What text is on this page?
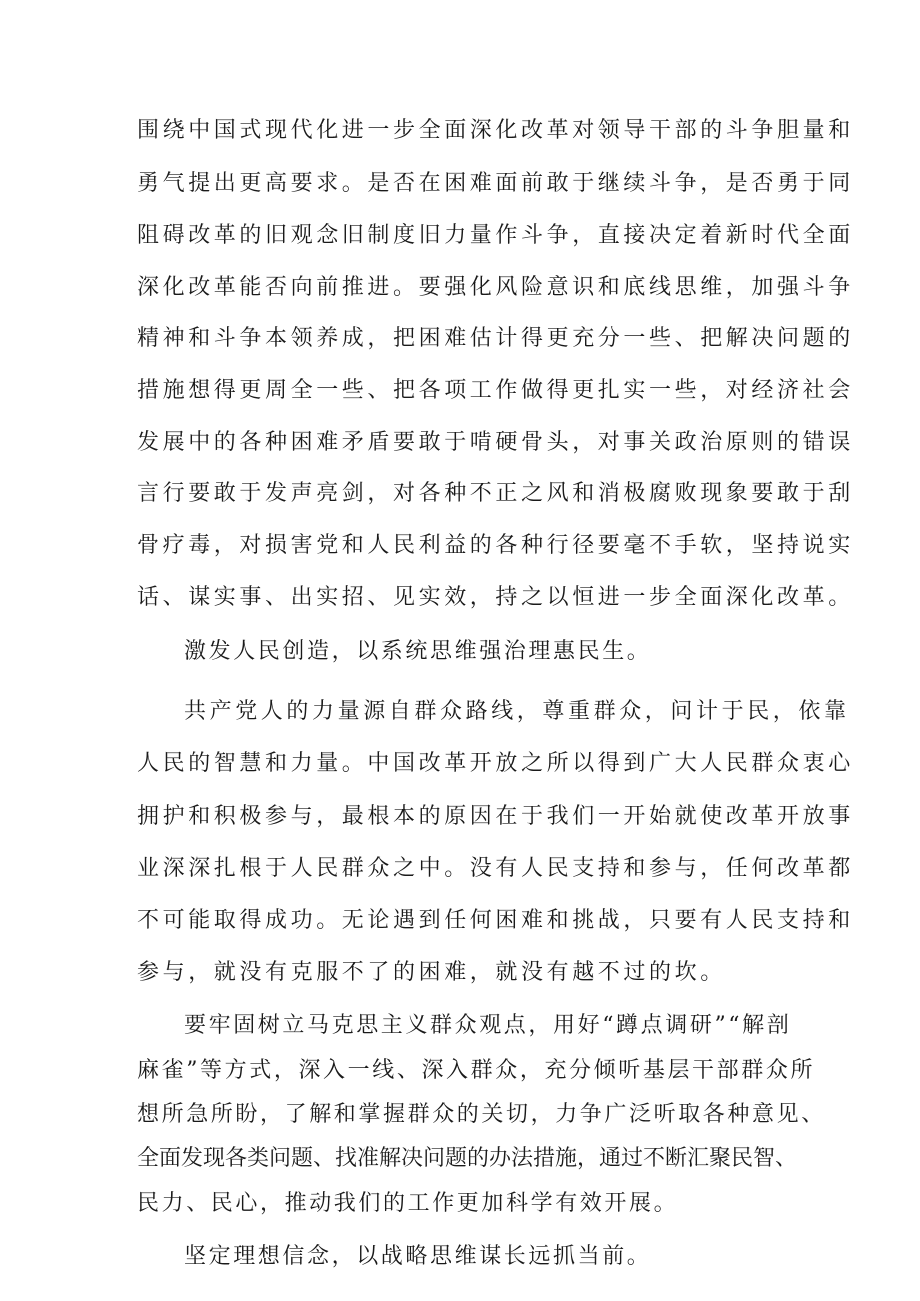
围绕中国式现代化进一步全面深化改革对领导干部的斗争胆量和
勇气提出更高要求。是否在困难面前敢于继续斗争，是否勇于同
阻碍改革的旧观念旧制度旧力量作斗争，直接决定着新时代全面
深化改革能否向前推进。要强化风险意识和底线思维，加强斗争
精神和斗争本领养成，把困难估计得更充分一些、把解决问题的
措施想得更周全一些、把各项工作做得更扎实一些，对经济社会
发展中的各种困难矛盾要敢于啃硬骨头，对事关政治原则的错误
言行要敢于发声亮剑，对各种不正之风和消极腐败现象要敢于刮
骨疗毒，对损害党和人民利益的各种行径要毫不手软，坚持说实
话、谋实事、出实招、见实效，持之以恒进一步全面深化改革。
激发人民创造，以系统思维强治理惠民生。
共产党人的力量源自群众路线，尊重群众，问计于民，依靠
人民的智慧和力量。中国改革开放之所以得到广大人民群众衷心
拥护和积极参与，最根本的原因在于我们一开始就使改革开放事
业深深扎根于人民群众之中。没有人民支持和参与，任何改革都
不可能取得成功。无论遇到任何困难和挑战，只要有人民支持和
参与，就没有克服不了的困难，就没有越不过的坎。
要牢固树立马克思主义群众观点，用好“蹲点调研”“解剖
麻雀”等方式，深入一线、深入群众，充分倾听基层干部群众所
想所急所盼，了解和掌握群众的关切，力争广泛听取各种意见、
全面发现各类问题、找准解决问题的办法措施，通过不断汇聚民智、
民力、民心，推动我们的工作更加科学有效开展。
坚定理想信念，以战略思维谋长远抓当前。
